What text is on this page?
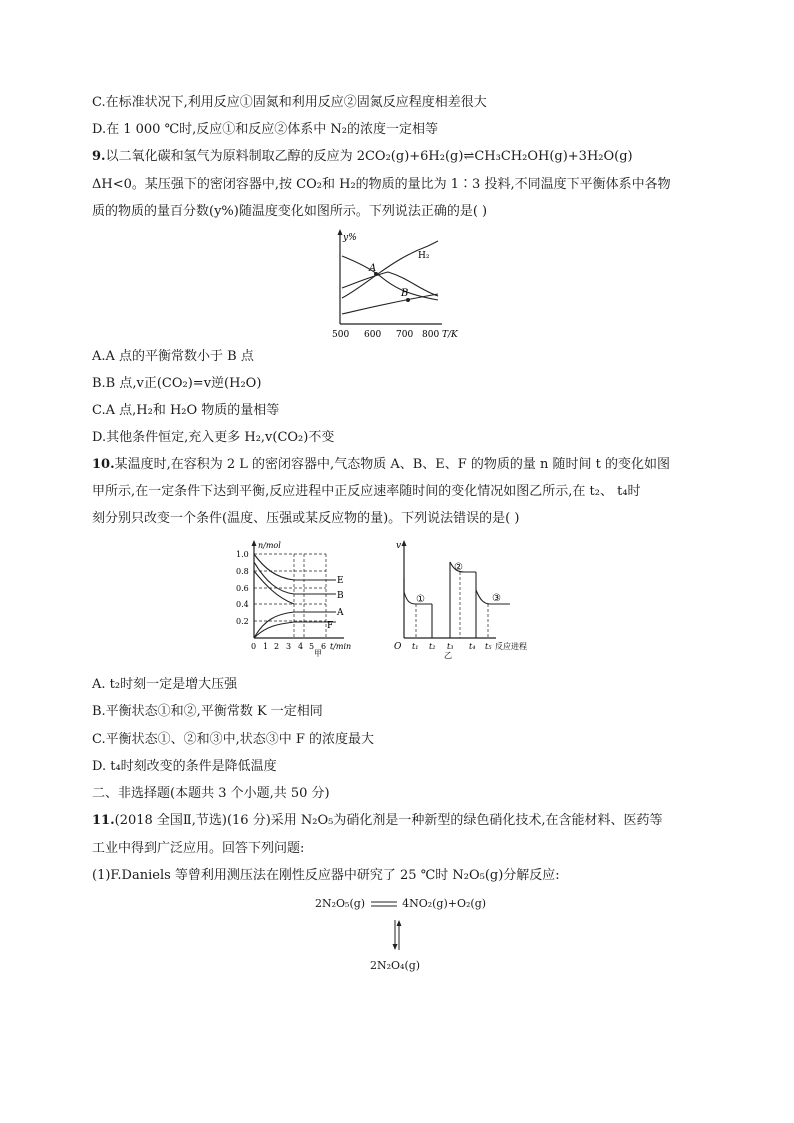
C.在标准状况下,利用反应①固氮和利用反应②固氮反应程度相差很大
D.在 1 000 ℃时,反应①和反应②体系中 N₂的浓度一定相等
9.以二氧化碳和氢气为原料制取乙醇的反应为 2CO₂(g)+6H₂(g)⇌CH₃CH₂OH(g)+3H₂O(g)
ΔH<0。某压强下的密闭容器中,按 CO₂和 H₂的物质的量比为 1∶3 投料,不同温度下平衡体系中各物
质的物质的量百分数(y%)随温度变化如图所示。下列说法正确的是( )
y%
A
B
H₂
500 600 700 800 T/K
A.A 点的平衡常数小于 B 点
B.B 点,v正(CO₂)=v逆(H₂O)
C.A 点,H₂和 H₂O 物质的量相等
D.其他条件恒定,充入更多 H₂,v(CO₂)不变
10.某温度时,在容积为 2 L 的密闭容器中,气态物质 A、B、E、F 的物质的量 n 随时间 t 的变化如图
甲所示,在一定条件下达到平衡,反应进程中正反应速率随时间的变化情况如图乙所示,在 t₂、 t₄时
刻分别只改变一个条件(温度、压强或某反应物的量)。下列说法错误的是( )
n/mol
E
B
A
F
1.0
0.8
0.6
0.4
0.2
0 1 2 3 4 5 6 t/min
甲
v
①
②
③
O t₁ t₂ t₃ t₄ t₅ 反应进程
乙
A. t₂时刻一定是增大压强
B.平衡状态①和②,平衡常数 K 一定相同
C.平衡状态①、②和③中,状态③中 F 的浓度最大
D. t₄时刻改变的条件是降低温度
二、非选择题(本题共 3 个小题,共 50 分)
11.(2018 全国Ⅱ,节选)(16 分)采用 N₂O₅为硝化剂是一种新型的绿色硝化技术,在含能材料、医药等
工业中得到广泛应用。回答下列问题:
(1)F.Daniels 等曾利用测压法在刚性反应器中研究了 25 ℃时 N₂O₅(g)分解反应:
2N₂O₅(g)	4NO₂(g)+O₂(g)
2N₂O₄(g)
